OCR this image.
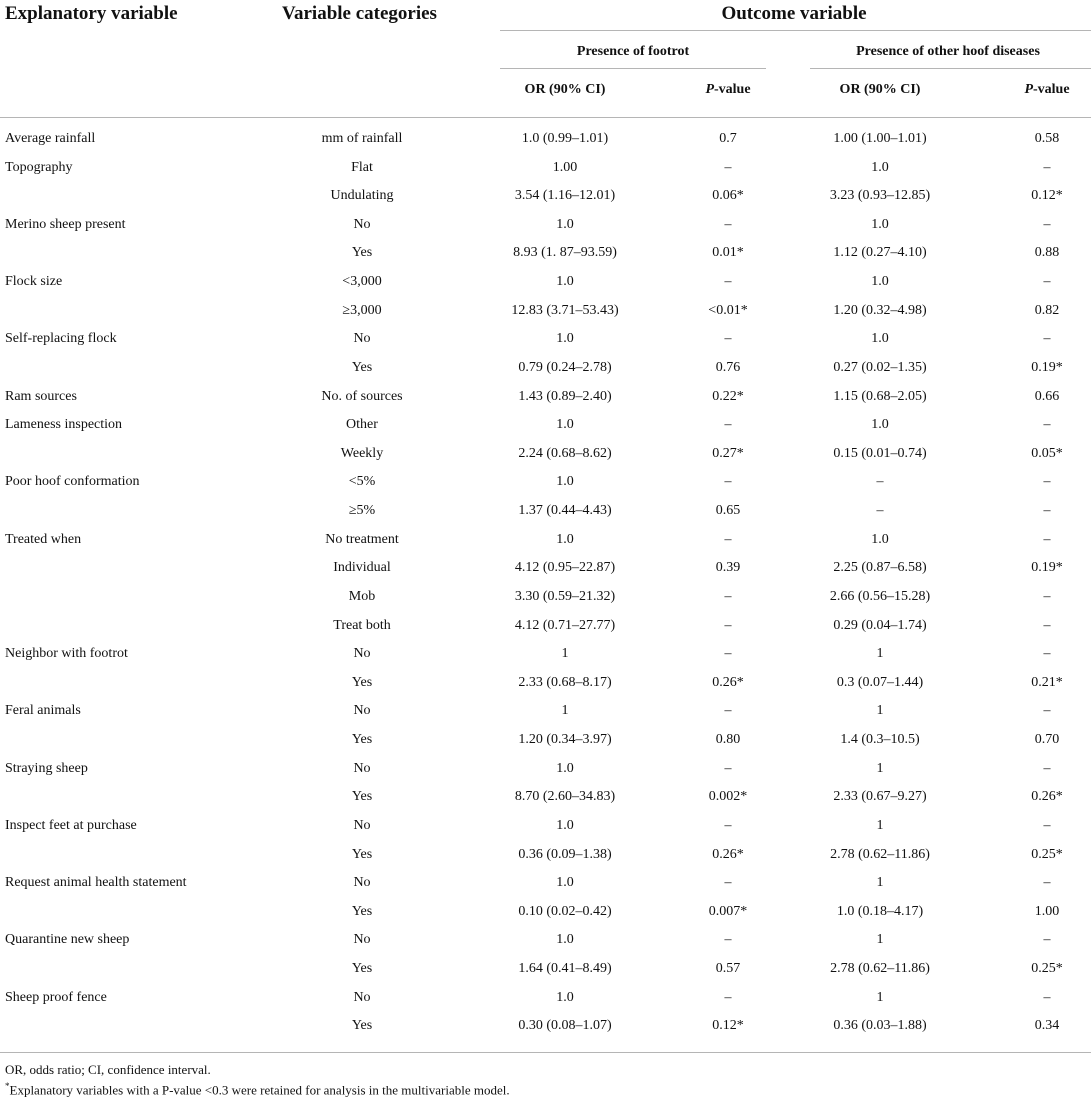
Explanatory variable	Variable categories	Outcome variable
Presence of footrot	Presence of other hoof diseases
OR (90% CI)	P-value	OR (90% CI)	P-value
Average rainfall	mm of rainfall	1.0 (0.99–1.01)	0.7	1.00 (1.00–1.01)	0.58
Topography	Flat	1.00	–	1.0	–
Undulating	3.54 (1.16–12.01)	0.06*	3.23 (0.93–12.85)	0.12*
Merino sheep present	No	1.0	–	1.0	–
Yes	8.93 (1. 87–93.59)	0.01*	1.12 (0.27–4.10)	0.88
Flock size	<3,000	1.0	–	1.0	–
≥3,000	12.83 (3.71–53.43)	<0.01*	1.20 (0.32–4.98)	0.82
Self-replacing flock	No	1.0	–	1.0	–
Yes	0.79 (0.24–2.78)	0.76	0.27 (0.02–1.35)	0.19*
Ram sources	No. of sources	1.43 (0.89–2.40)	0.22*	1.15 (0.68–2.05)	0.66
Lameness inspection	Other	1.0	–	1.0	–
Weekly	2.24 (0.68–8.62)	0.27*	0.15 (0.01–0.74)	0.05*
Poor hoof conformation	<5%	1.0	–	–	–
≥5%	1.37 (0.44–4.43)	0.65	–	–
Treated when	No treatment	1.0	–	1.0	–
Individual	4.12 (0.95–22.87)	0.39	2.25 (0.87–6.58)	0.19*
Mob	3.30 (0.59–21.32)	–	2.66 (0.56–15.28)	–
Treat both	4.12 (0.71–27.77)	–	0.29 (0.04–1.74)	–
Neighbor with footrot	No	1	–	1	–
Yes	2.33 (0.68–8.17)	0.26*	0.3 (0.07–1.44)	0.21*
Feral animals	No	1	–	1	–
Yes	1.20 (0.34–3.97)	0.80	1.4 (0.3–10.5)	0.70
Straying sheep	No	1.0	–	1	–
Yes	8.70 (2.60–34.83)	0.002*	2.33 (0.67–9.27)	0.26*
Inspect feet at purchase	No	1.0	–	1	–
Yes	0.36 (0.09–1.38)	0.26*	2.78 (0.62–11.86)	0.25*
Request animal health statement	No	1.0	–	1	–
Yes	0.10 (0.02–0.42)	0.007*	1.0 (0.18–4.17)	1.00
Quarantine new sheep	No	1.0	–	1	–
Yes	1.64 (0.41–8.49)	0.57	2.78 (0.62–11.86)	0.25*
Sheep proof fence	No	1.0	–	1	–
Yes	0.30 (0.08–1.07)	0.12*	0.36 (0.03–1.88)	0.34
OR, odds ratio; CI, confidence interval.
*Explanatory variables with a P-value <0.3 were retained for analysis in the multivariable model.
